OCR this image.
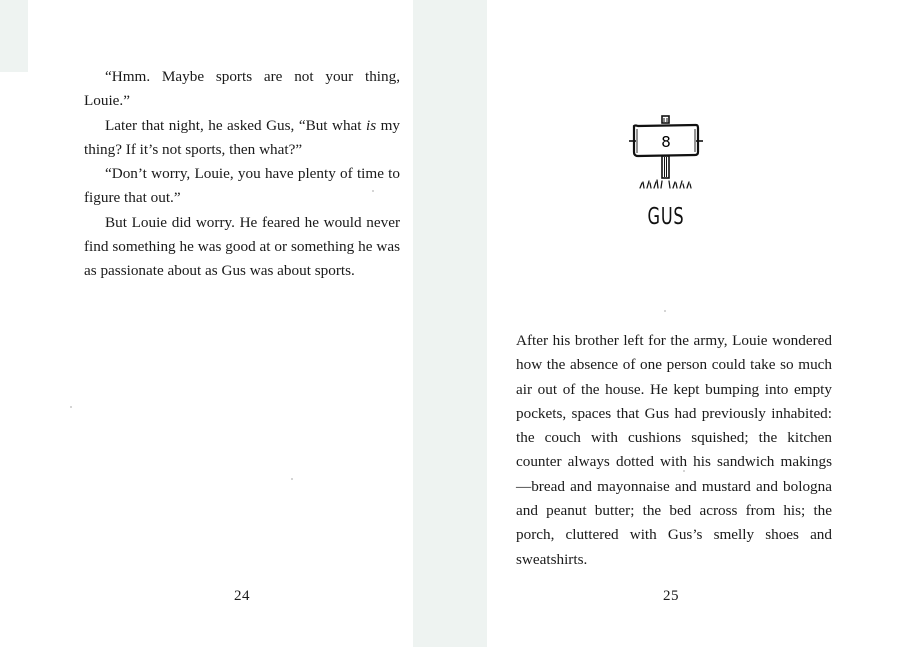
“Hmm. Maybe sports are not your thing, Louie.”

Later that night, he asked Gus, “But what is my thing? If it’s not sports, then what?”

“Don’t worry, Louie, you have plenty of time to figure that out.”

But Louie did worry. He feared he would never find something he was good at or something he was as passionate about as Gus was about sports.

24
8
GUS

After his brother left for the army, Louie wondered how the absence of one person could take so much air out of the house. He kept bumping into empty pockets, spaces that Gus had previously inhabited: the couch with cushions squished; the kitchen counter always dotted with his sandwich makings—bread and mayonnaise and mustard and bologna and peanut butter; the bed across from his; the porch, cluttered with Gus’s smelly shoes and sweatshirts.

25
